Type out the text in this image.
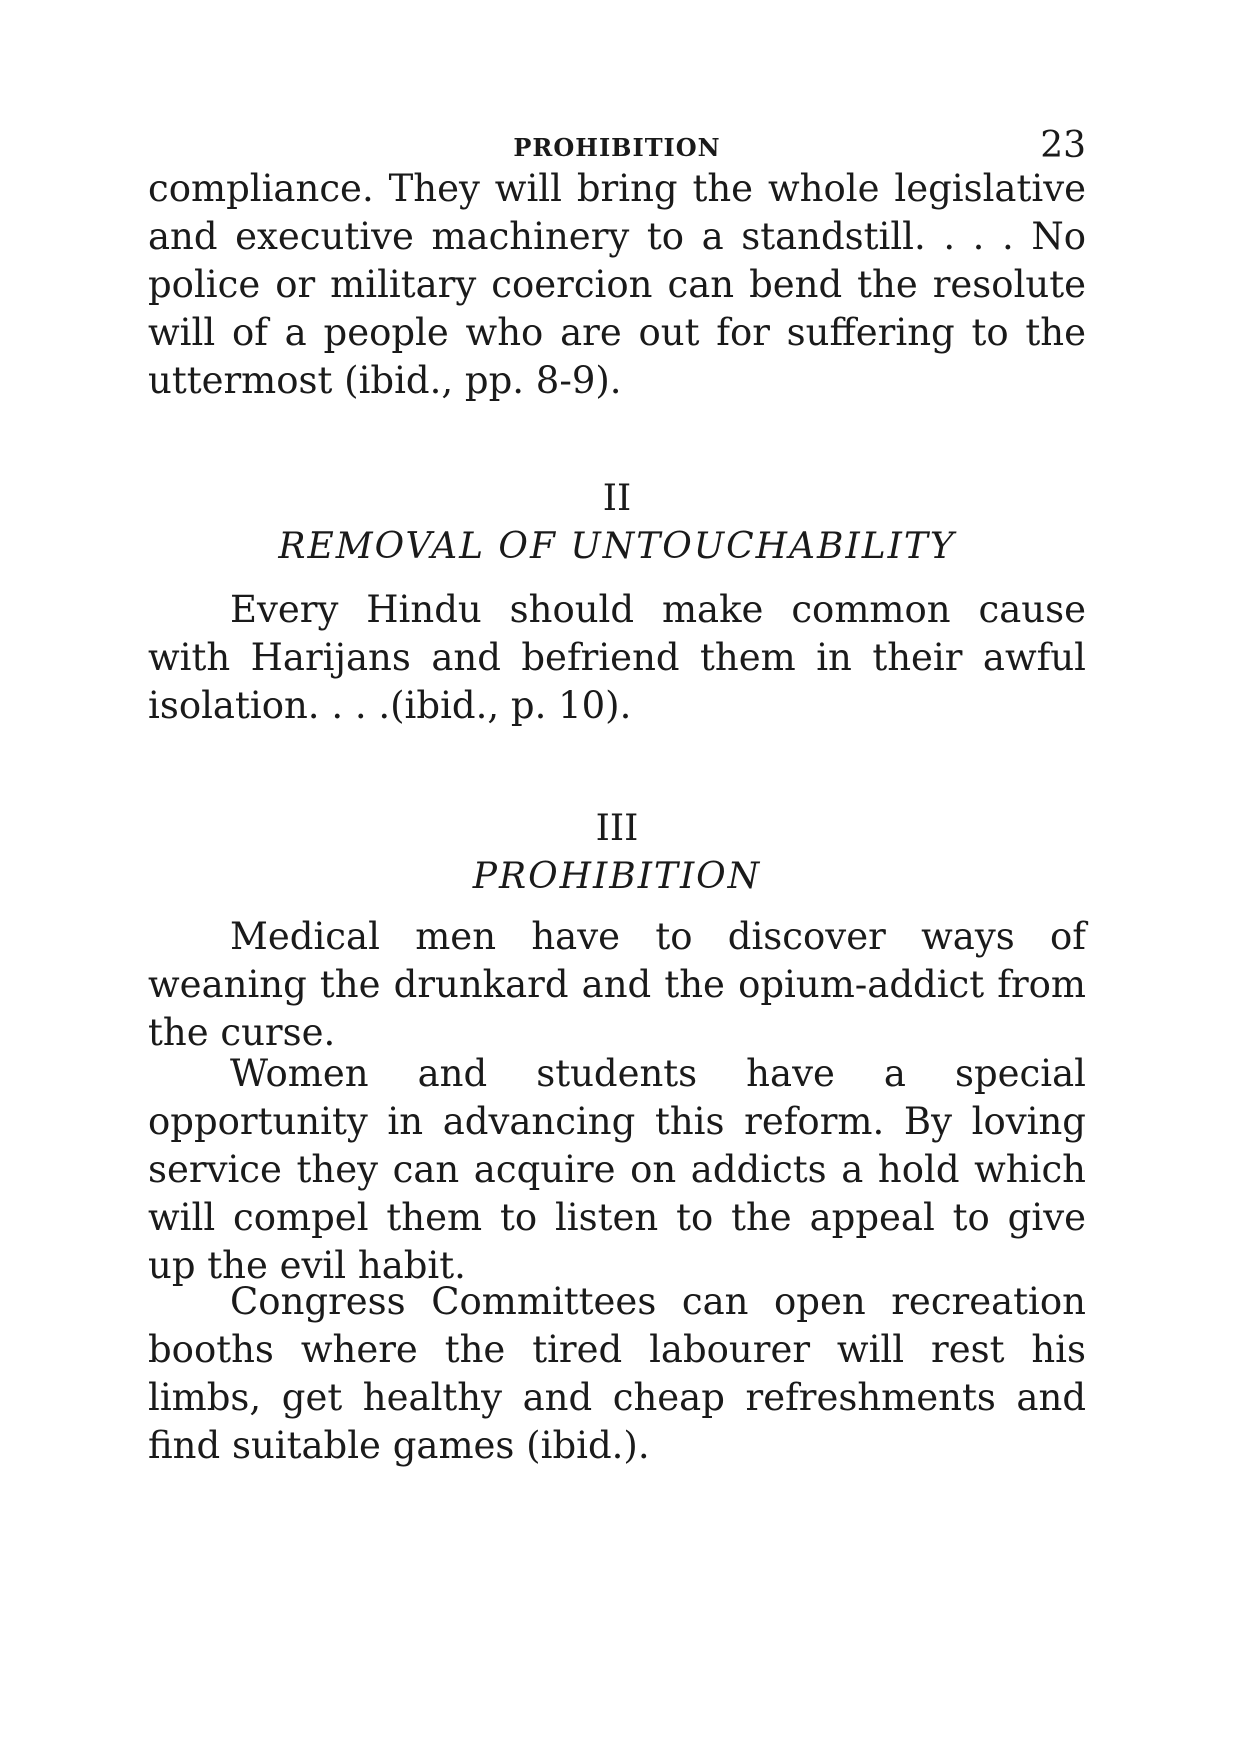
PROHIBITION	23

compliance. They will bring the whole legislative and executive machinery to a standstill. . . . No police or military coercion can bend the resolute will of a people who are out for suffering to the uttermost (ibid., pp. 8-9).

II
REMOVAL OF UNTOUCHABILITY

Every Hindu should make common cause with Harijans and befriend them in their awful isolation. . . .(ibid., p. 10).

III
PROHIBITION

Medical men have to discover ways of weaning the drunkard and the opium-addict from the curse.

Women and students have a special opportunity in advancing this reform. By loving service they can acquire on addicts a hold which will compel them to listen to the appeal to give up the evil habit.

Congress Committees can open recreation booths where the tired labourer will rest his limbs, get healthy and cheap refreshments and find suitable games (ibid.).
